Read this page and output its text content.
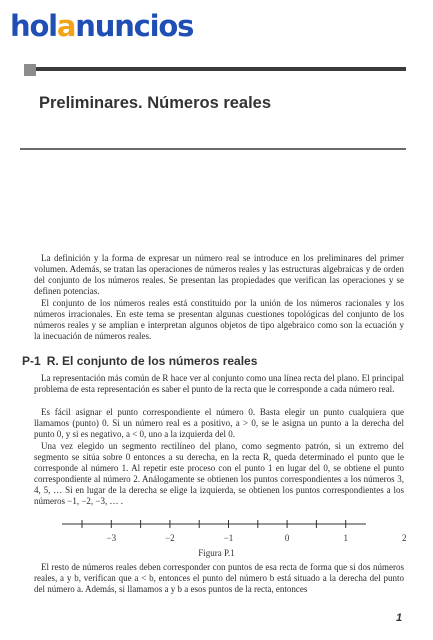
holanuncios
Preliminares. Números reales

La definición y la forma de expresar un número real se introduce en los preliminares del primer volumen. Además, se tratan las operaciones de números reales y las estructuras algebraicas y de orden del conjunto de los números reales. Se presentan las propiedades que verifican las operaciones y se definen potencias.

El conjunto de los números reales está constituido por la unión de los números racionales y los números irracionales. En este tema se presentan algunas cuestiones topológicas del conjunto de los números reales y se amplían e interpretan algunos objetos de tipo algebraico como son la ecuación y la inecuación de números reales.

P-1 R. El conjunto de los números reales

La representación más común de R hace ver al conjunto como una línea recta del plano. El principal problema de esta representación es saber el punto de la recta que le corresponde a cada número real.

Es fácil asignar el punto correspondiente el número 0. Basta elegir un punto cualquiera que llamamos (punto) 0. Si un número real es a positivo, a > 0, se le asigna un punto a la derecha del punto 0, y si es negativo, a < 0, uno a la izquierda del 0.

Una vez elegido un segmento rectilíneo del plano, como segmento patrón, si un extremo del segmento se sitúa sobre 0 entonces a su derecha, en la recta R, queda determinado el punto que le corresponde al número 1. Al repetir este proceso con el punto 1 en lugar del 0, se obtiene el punto correspondiente al número 2. Análogamente se obtienen los puntos correspondientes a los números 3, 4, 5, … Si en lugar de la derecha se elige la izquierda, se obtienen los puntos correspondientes a los números −1, −2, −3, … .

−3	−2	−1	0	1	2
Figura P.1

El resto de números reales deben corresponder con puntos de esa recta de forma que si dos números reales, a y b, verifican que a < b, entonces el punto del número b está situado a la derecha del punto del número a. Además, si llamamos a y b a esos puntos de la recta, entonces

1
